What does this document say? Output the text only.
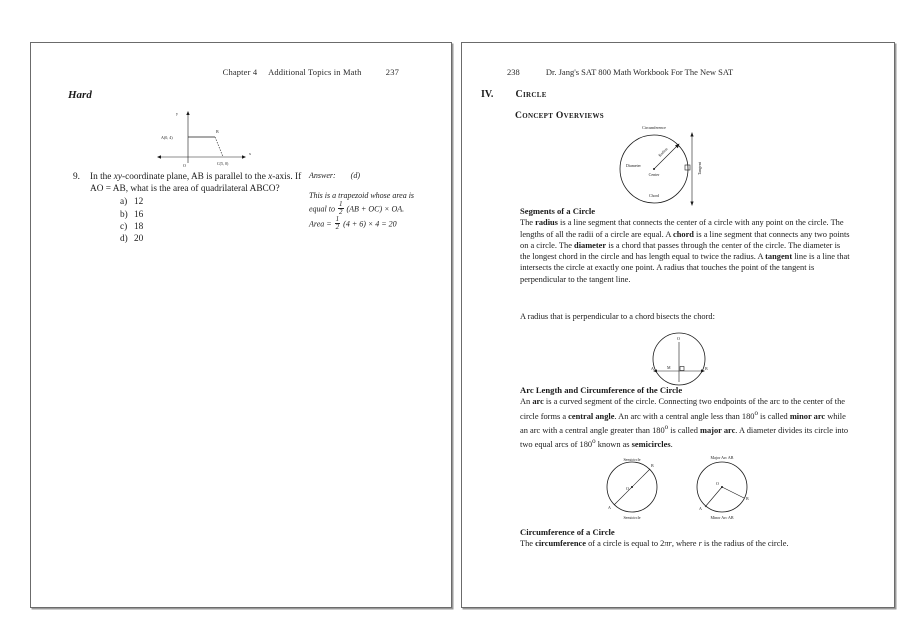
Chapter 4 Additional Topics in Math	237
Hard
y
x
A(0, 4)
B
O	C(5, 0)
9. In the xy-coordinate plane, AB is parallel to the x-axis. If AO = AB, what is the area of quadrilateral ABCO?
a) 12
b) 16
c) 18
d) 20
Answer: (d)
This is a trapezoid whose area is
equal to $\frac{1}{2} (AB + OC)$ × OA.
Area = $\frac{1}{2} (4 + 6) \times 4 = 20$
238	Dr. Jang's SAT 800 Math Workbook For The New SAT
IV. Circle
Concept Overviews
Circumference
Radius
Diameter	Tangent
Chord
Center
Segments of a Circle
The radius is a line segment that connects the center of a circle with any point on the circle. The lengths of all the radii of a circle are equal. A chord is a line segment that connects any two points on a circle. The diameter is a chord that passes through the center of the circle. The diameter is the longest chord in the circle and has length equal to twice the radius. A tangent line is a line that intersects the circle at exactly one point. A radius that touches the point of the tangent is perpendicular to the tangent line.
A radius that is perpendicular to a chord bisects the chord:
O
A	M	B
Arc Length and Circumference of the Circle
An arc is a curved segment of the circle. Connecting two endpoints of the arc to the center of the circle forms a central angle. An arc with a central angle less than 180$^o$ is called minor arc while an arc with a central angle greater than 180$^o$ is called major arc. A diameter divides its circle into two equal arcs of 180$^o$ known as semicircles.
Semicircle
Semicircle
B
A
O
Major Arc AB
Minor Arc AB
B
A
O
Circumference of a Circle
The circumference of a circle is equal to 2πr, where r is the radius of the circle.
